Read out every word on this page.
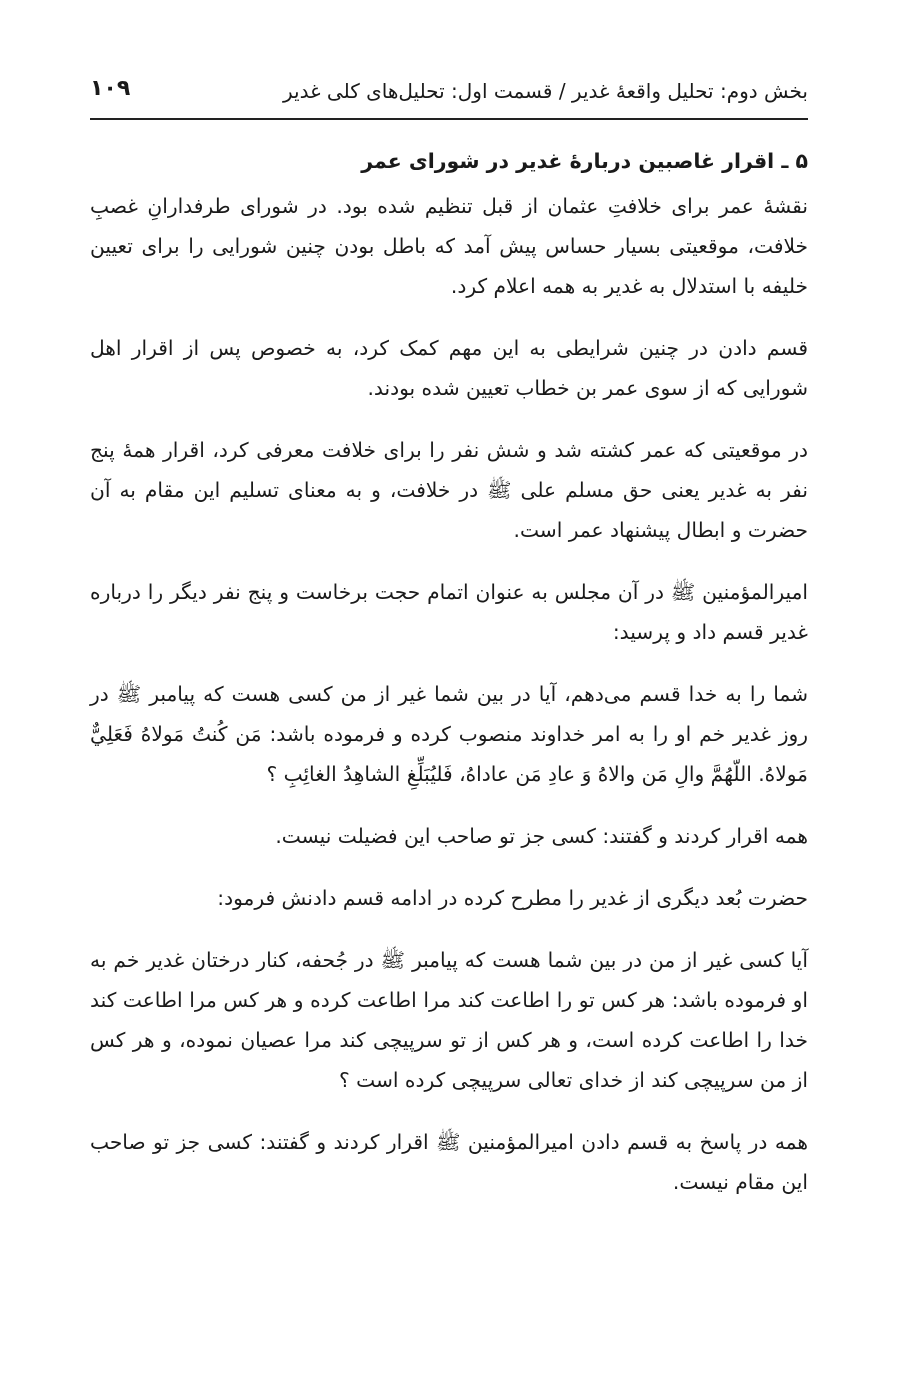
بخش دوم: تحلیل واقعهٔ غدیر / قسمت اول: تحلیل‌های کلی غدیر
۱۰۹
۵ ـ اقرار غاصبین دربارهٔ غدیر در شورای عمر

نقشهٔ عمر برای خلافتِ عثمان از قبل تنظیم شده بود. در شورای طرفدارانِ غصبِ خلافت، موقعیتی بسیار حساس پیش آمد که باطل بودن چنین شورایی را برای تعیین خلیفه با استدلال به غدیر به همه اعلام کرد.

قسم دادن در چنین شرایطی به این مهم کمک کرد، به خصوص پس از اقرار اهل شورایی که از سوی عمر بن خطاب تعیین شده بودند.

در موقعیتی که عمر کشته شد و شش نفر را برای خلافت معرفی کرد، اقرار همهٔ پنج نفر به غدیر یعنی حق مسلم علی ﷺ در خلافت، و به معنای تسلیم این مقام به آن حضرت و ابطال پیشنهاد عمر است.

امیرالمؤمنین ﷺ در آن مجلس به عنوان اتمام حجت برخاست و پنج نفر دیگر را درباره غدیر قسم داد و پرسید:

شما را به خدا قسم می‌دهم، آیا در بین شما غیر از من کسی هست که پیامبر ﷺ در روز غدیر خم او را به امر خداوند منصوب کرده و فرموده باشد: مَن کُنتُ مَولاهُ فَعَلِيٌّ مَولاهُ. اللّهُمَّ والِ مَن والاهُ وَ عادِ مَن عاداهُ، فَلیُبَلِّغِ الشاهِدُ الغائِبِ ؟

همه اقرار کردند و گفتند: کسی جز تو صاحب این فضیلت نیست.

حضرت بُعد دیگری از غدیر را مطرح کرده در ادامه قسم دادنش فرمود:

آیا کسی غیر از من در بین شما هست که پیامبر ﷺ در جُحفه، کنار درختان غدیر خم به او فرموده باشد: هر کس تو را اطاعت کند مرا اطاعت کرده و هر کس مرا اطاعت کند خدا را اطاعت کرده است، و هر کس از تو سرپیچی کند مرا عصیان نموده، و هر کس از من سرپیچی کند از خدای تعالی سرپیچی کرده است ؟

همه در پاسخ به قسم دادن امیرالمؤمنین ﷺ اقرار کردند و گفتند: کسی جز تو صاحب این مقام نیست.
